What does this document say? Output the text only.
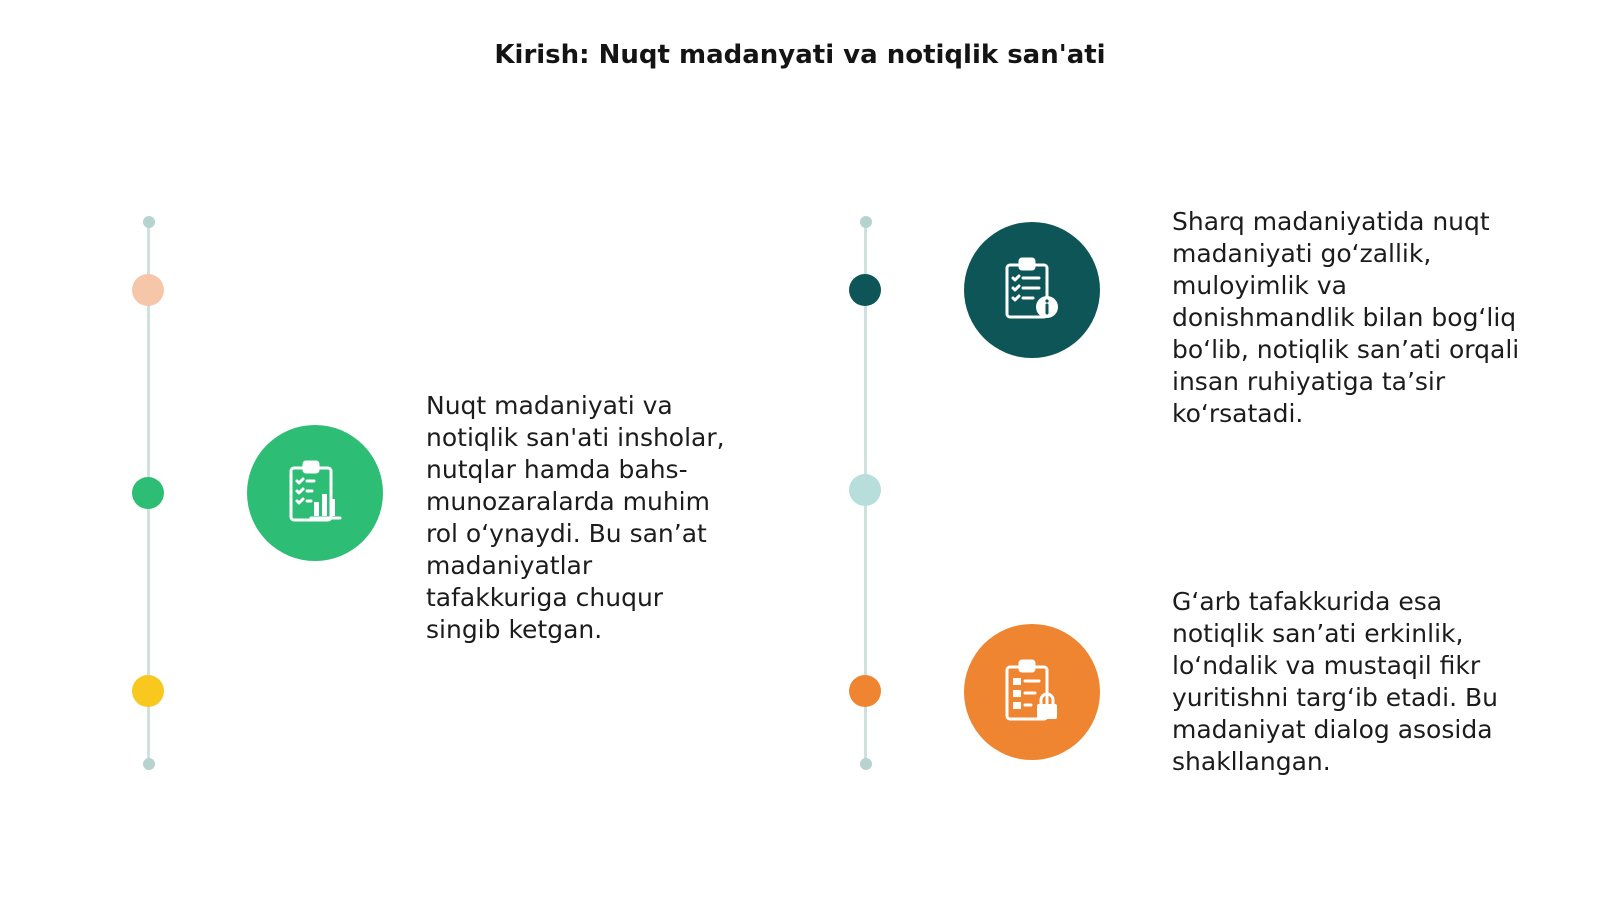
Kirish: Nuqt madanyati va notiqlik san'ati
Nuqt madaniyati va
notiqlik san'ati insholar,
nutqlar hamda bahs-
munozaralarda muhim
rol o‘ynaydi. Bu san’at
madaniyatlar
tafakkuriga chuqur
singib ketgan.
Sharq madaniyatida nuqt
madaniyati go‘zallik,
muloyimlik va
donishmandlik bilan bog‘liq
bo‘lib, notiqlik san’ati orqali
insan ruhiyatiga ta’sir
ko‘rsatadi.
G‘arb tafakkurida esa
notiqlik san’ati erkinlik,
lo‘ndalik va mustaqil fikr
yuritishni targ‘ib etadi. Bu
madaniyat dialog asosida
shakllangan.
